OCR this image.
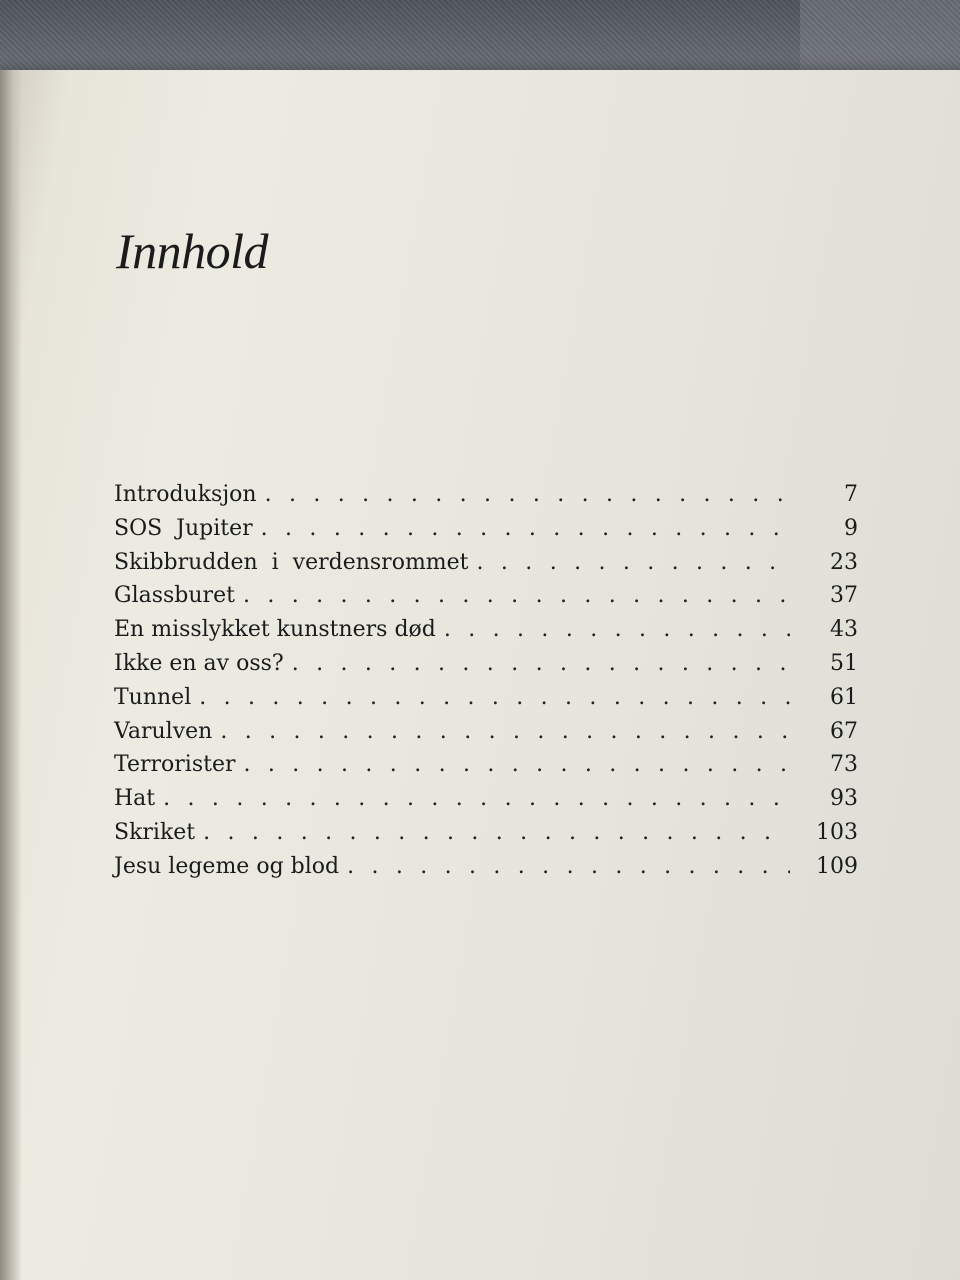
Innhold
Introduksjon . . .	7
SOS  Jupiter . . .	9
Skibbrudden  i  verdensrommet . . .	23
Glassburet . . .	37
En misslykket kunstners død . . .	43
Ikke en av oss? . . .	51
Tunnel . . .	61
Varulven . . .	67
Terrorister . . .	73
Hat . . .	93
Skriket . . .	103
Jesu legeme og blod . . .	109
